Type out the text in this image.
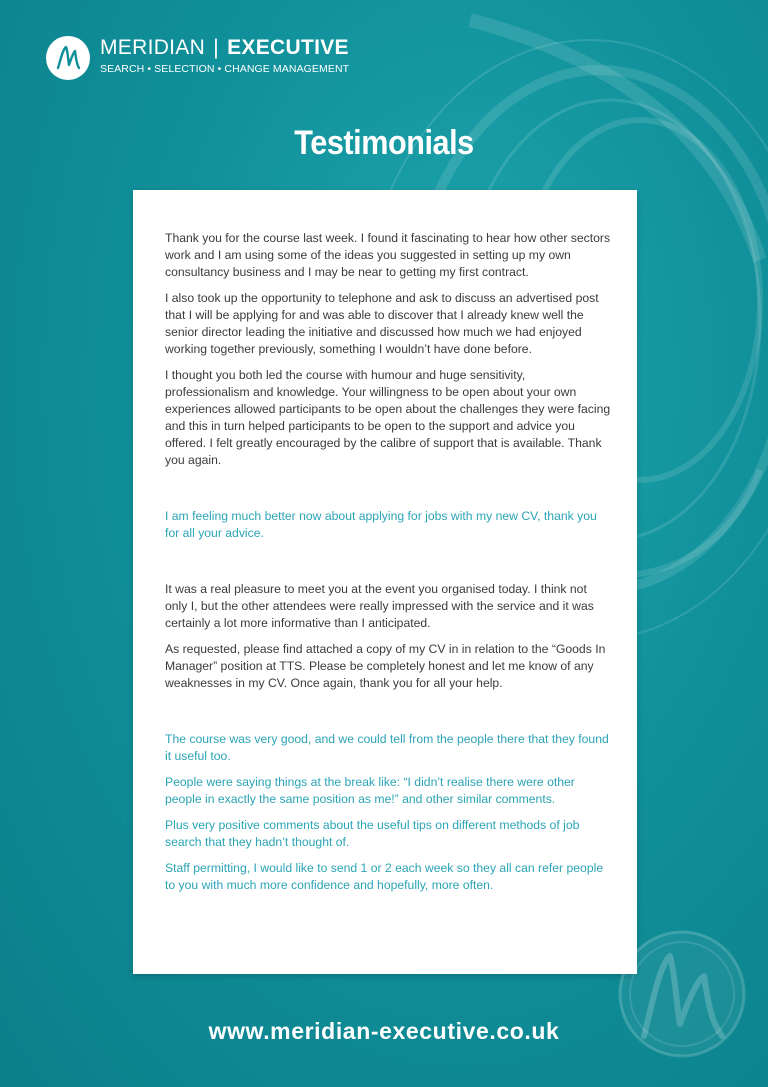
MERIDIAN | EXECUTIVE
SEARCH • SELECTION • CHANGE MANAGEMENT
Testimonials

Thank you for the course last week. I found it fascinating to hear how other sectors work and I am using some of the ideas you suggested in setting up my own consultancy business and I may be near to getting my first contract.

I also took up the opportunity to telephone and ask to discuss an advertised post that I will be applying for and was able to discover that I already knew well the senior director leading the initiative and discussed how much we had enjoyed working together previously, something I wouldn’t have done before.

I thought you both led the course with humour and huge sensitivity, professionalism and knowledge. Your willingness to be open about your own experiences allowed participants to be open about the challenges they were facing and this in turn helped participants to be open to the support and advice you offered. I felt greatly encouraged by the calibre of support that is available. Thank you again.

I am feeling much better now about applying for jobs with my new CV, thank you for all your advice.

It was a real pleasure to meet you at the event you organised today. I think not only I, but the other attendees were really impressed with the service and it was certainly a lot more informative than I anticipated.

As requested, please find attached a copy of my CV in in relation to the “Goods In Manager” position at TTS. Please be completely honest and let me know of any weaknesses in my CV. Once again, thank you for all your help.

The course was very good, and we could tell from the people there that they found it useful too.

People were saying things at the break like: “I didn’t realise there were other people in exactly the same position as me!” and other similar comments.

Plus very positive comments about the useful tips on different methods of job search that they hadn’t thought of.

Staff permitting, I would like to send 1 or 2 each week so they all can refer people to you with much more confidence and hopefully, more often.

www.meridian-executive.co.uk
